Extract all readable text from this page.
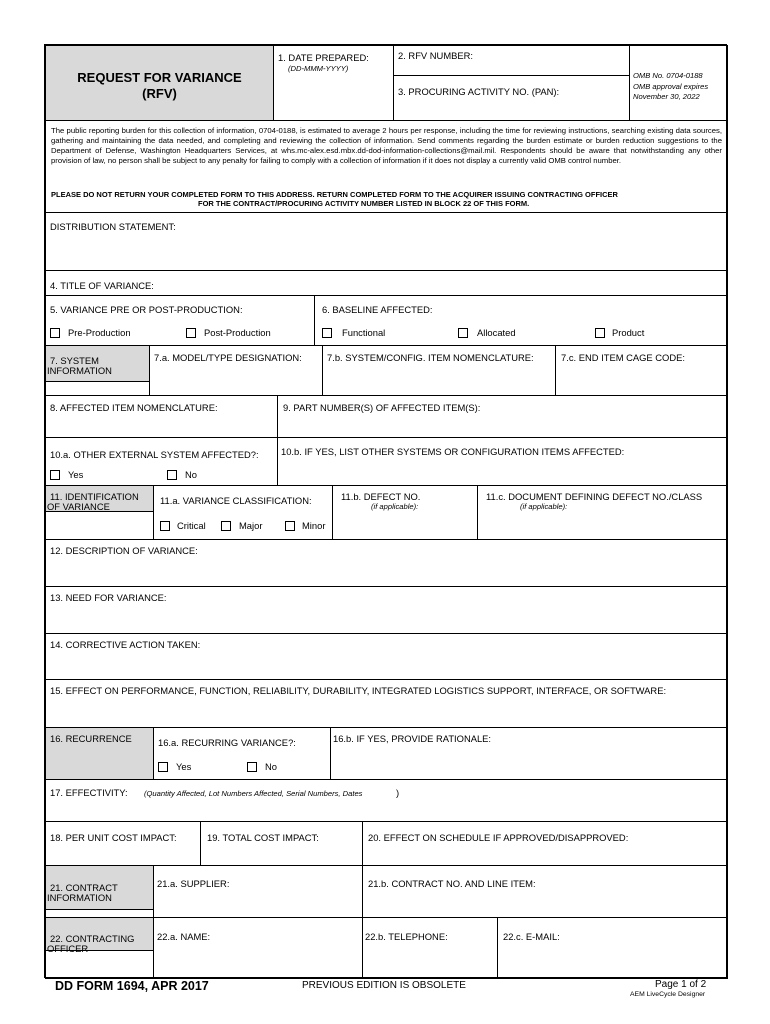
REQUEST FOR VARIANCE
(RFV)
1. DATE PREPARED:
(DD-MMM-YYYY)
2. RFV NUMBER:
3. PROCURING ACTIVITY NO. (PAN):
OMB No. 0704-0188
OMB approval expires
November 30, 2022
The public reporting burden for this collection of information, 0704-0188, is estimated to average 2 hours per response, including the time for reviewing instructions, searching existing data sources, gathering and maintaining the data needed, and completing and reviewing the collection of information. Send comments regarding the burden estimate or burden reduction suggestions to the Department of Defense, Washington Headquarters Services, at whs.mc-alex.esd.mbx.dd-dod-information-collections@mail.mil. Respondents should be aware that notwithstanding any other provision of law, no person shall be subject to any penalty for failing to comply with a collection of information if it does not display a currently valid OMB control number.
PLEASE DO NOT RETURN YOUR COMPLETED FORM TO THIS ADDRESS. RETURN COMPLETED FORM TO THE ACQUIRER ISSUING CONTRACTING OFFICER
FOR THE CONTRACT/PROCURING ACTIVITY NUMBER LISTED IN BLOCK 22 OF THIS FORM.
DISTRIBUTION STATEMENT:
4. TITLE OF VARIANCE:
5. VARIANCE PRE OR POST-PRODUCTION:
Pre-Production	Post-Production
6. BASELINE AFFECTED:
Functional	Allocated	Product
7. SYSTEM
INFORMATION
7.a. MODEL/TYPE DESIGNATION:	7.b. SYSTEM/CONFIG. ITEM NOMENCLATURE:	7.c. END ITEM CAGE CODE:
8. AFFECTED ITEM NOMENCLATURE:	9. PART NUMBER(S) OF AFFECTED ITEM(S):
10.a. OTHER EXTERNAL SYSTEM AFFECTED?:
Yes	No
10.b. IF YES, LIST OTHER SYSTEMS OR CONFIGURATION ITEMS AFFECTED:
11. IDENTIFICATION
OF VARIANCE
11.a. VARIANCE CLASSIFICATION:
Critical	Major	Minor
11.b. DEFECT NO.
(if applicable):
11.c. DOCUMENT DEFINING DEFECT NO./CLASS
(if applicable):
12. DESCRIPTION OF VARIANCE:
13. NEED FOR VARIANCE:
14. CORRECTIVE ACTION TAKEN:
15. EFFECT ON PERFORMANCE, FUNCTION, RELIABILITY, DURABILITY, INTEGRATED LOGISTICS SUPPORT, INTERFACE, OR SOFTWARE:
16. RECURRENCE	16.a. RECURRING VARIANCE?:
Yes	No
16.b. IF YES, PROVIDE RATIONALE:
17. EFFECTIVITY: (Quantity Affected, Lot Numbers Affected, Serial Numbers, Dates	)
18. PER UNIT COST IMPACT:	19. TOTAL COST IMPACT:	20. EFFECT ON SCHEDULE IF APPROVED/DISAPPROVED:
21. CONTRACT
INFORMATION
21.a. SUPPLIER:	21.b. CONTRACT NO. AND LINE ITEM:
22. CONTRACTING
OFFICER
22.a. NAME:	22.b. TELEPHONE:	22.c. E-MAIL:
DD FORM 1694, APR 2017	PREVIOUS EDITION IS OBSOLETE	Page 1 of 2
AEM LiveCycle Designer
